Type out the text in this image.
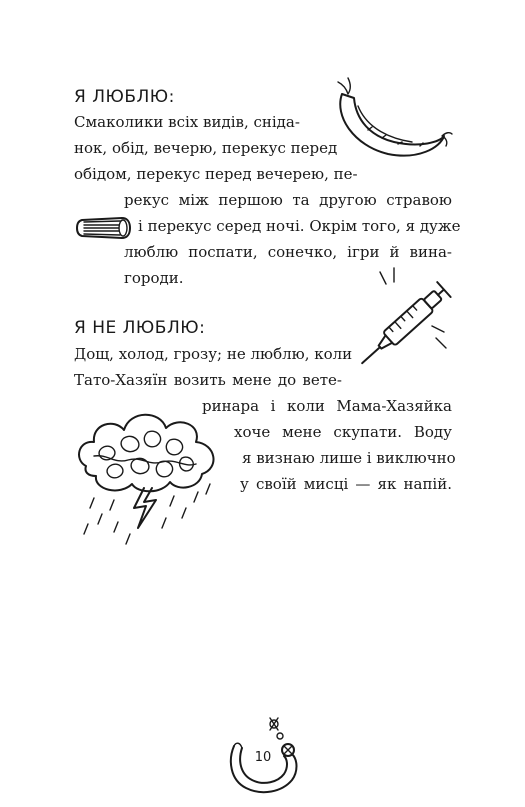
Я ЛЮБЛЮ:
Смаколики всіх видів, сніда-
нок, обід, вечерю, перекус перед
обідом, перекус перед вечерею, пе-
рекус між першою та другою стравою
і перекус серед ночі. Окрім того, я дуже
люблю поспати, сонечко, ігри й вина-
городи.
Я НЕ ЛЮБЛЮ:
Дощ, холод, грозу; не люблю, коли
Тато-Хазяїн возить мене до вете-
ринара і коли Мама-Хазяйка
хоче мене скупати. Воду
я визнаю лише і виключно
у своїй мисці — як напій.
10
